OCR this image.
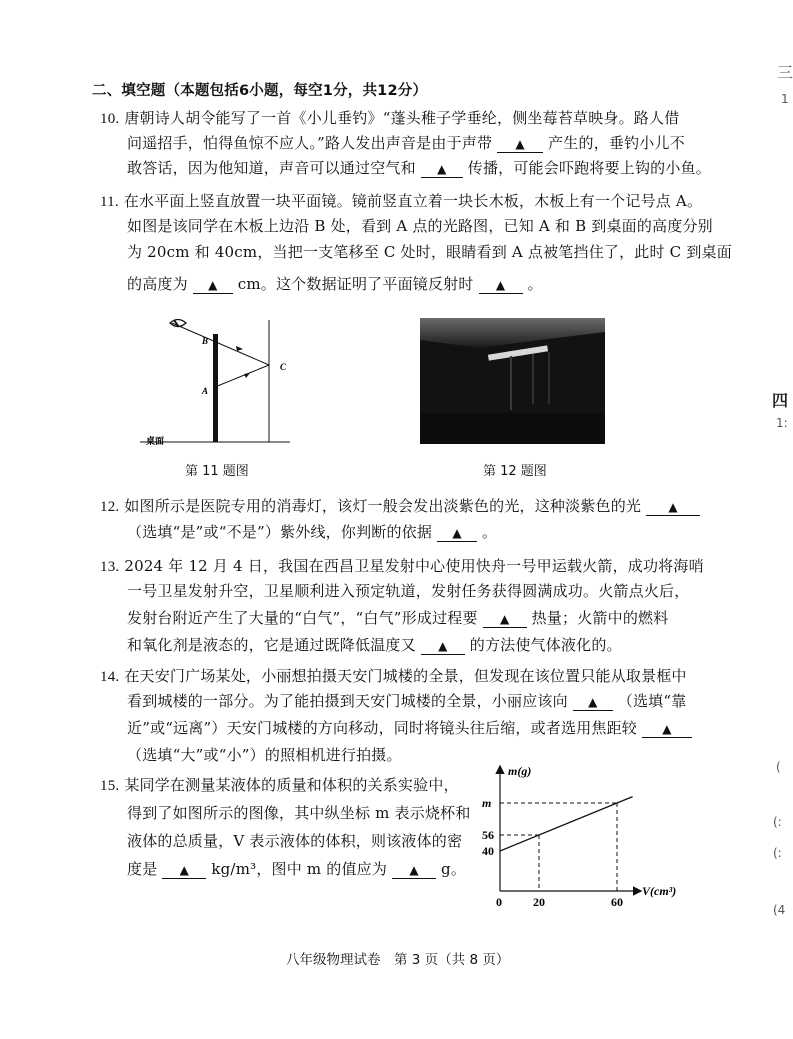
二、填空题（本题包括6小题，每空1分，共12分）
10. 唐朝诗人胡令能写了一首《小儿垂钓》“蓬头稚子学垂纶，侧坐莓苔草映身。路人借
问遥招手，怕得鱼惊不应人。”路人发出声音是由于声带 ▲ 产生的，垂钓小儿不
敢答话，因为他知道，声音可以通过空气和 ▲ 传播，可能会吓跑将要上钩的小鱼。
11. 在水平面上竖直放置一块平面镜。镜前竖直立着一块长木板，木板上有一个记号点 A。
如图是该同学在木板上边沿 B 处，看到 A 点的光路图，已知 A 和 B 到桌面的高度分别
为 20cm 和 40cm，当把一支笔移至 C 处时，眼睛看到 A 点被笔挡住了，此时 C 到桌面
的高度为 ▲ cm。这个数据证明了平面镜反射时 ▲ 。
B
A
C
桌面
第 11 题图	第 12 题图
12. 如图所示是医院专用的消毒灯，该灯一般会发出淡紫色的光，这种淡紫色的光 ▲
（选填“是”或“不是”）紫外线，你判断的依据 ▲ 。
13. 2024 年 12 月 4 日，我国在西昌卫星发射中心使用快舟一号甲运载火箭，成功将海哨
一号卫星发射升空，卫星顺利进入预定轨道，发射任务获得圆满成功。火箭点火后，
发射台附近产生了大量的“白气”，“白气”形成过程要 ▲ 热量；火箭中的燃料
和氧化剂是液态的，它是通过既降低温度又 ▲ 的方法使气体液化的。
14. 在天安门广场某处，小丽想拍摄天安门城楼的全景，但发现在该位置只能从取景框中
看到城楼的一部分。为了能拍摄到天安门城楼的全景，小丽应该向 ▲ （选填“靠
近”或“远离”）天安门城楼的方向移动，同时将镜头往后缩，或者选用焦距较 ▲
（选填“大”或“小”）的照相机进行拍摄。
15. 某同学在测量某液体的质量和体积的关系实验中，
得到了如图所示的图像，其中纵坐标 m 表示烧杯和
液体的总质量，V 表示液体的体积，则该液体的密
度是 ▲ kg/m³，图中 m 的值应为 ▲ g。
m(g)
V(cm³)
0	20	60
40
56
m
八年级物理试卷　第 3 页（共 8 页）
三
1
四
1:
(
(:
(:
(4
